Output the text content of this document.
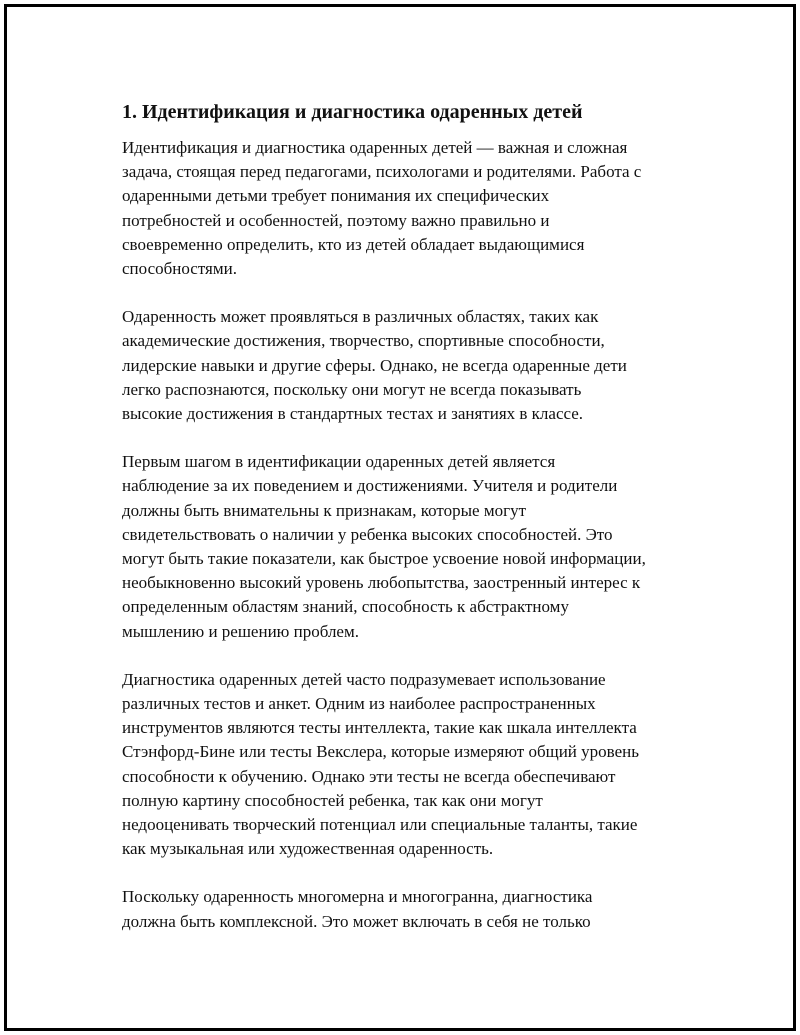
1. Идентификация и диагностика одаренных детей

Идентификация и диагностика одаренных детей — важная и сложная
задача, стоящая перед педагогами, психологами и родителями. Работа с
одаренными детьми требует понимания их специфических
потребностей и особенностей, поэтому важно правильно и
своевременно определить, кто из детей обладает выдающимися
способностями.

Одаренность может проявляться в различных областях, таких как
академические достижения, творчество, спортивные способности,
лидерские навыки и другие сферы. Однако, не всегда одаренные дети
легко распознаются, поскольку они могут не всегда показывать
высокие достижения в стандартных тестах и занятиях в классе.

Первым шагом в идентификации одаренных детей является
наблюдение за их поведением и достижениями. Учителя и родители
должны быть внимательны к признакам, которые могут
свидетельствовать о наличии у ребенка высоких способностей. Это
могут быть такие показатели, как быстрое усвоение новой информации,
необыкновенно высокий уровень любопытства, заостренный интерес к
определенным областям знаний, способность к абстрактному
мышлению и решению проблем.

Диагностика одаренных детей часто подразумевает использование
различных тестов и анкет. Одним из наиболее распространенных
инструментов являются тесты интеллекта, такие как шкала интеллекта
Стэнфорд-Бине или тесты Векслера, которые измеряют общий уровень
способности к обучению. Однако эти тесты не всегда обеспечивают
полную картину способностей ребенка, так как они могут
недооценивать творческий потенциал или специальные таланты, такие
как музыкальная или художественная одаренность.

Поскольку одаренность многомерна и многогранна, диагностика
должна быть комплексной. Это может включать в себя не только
